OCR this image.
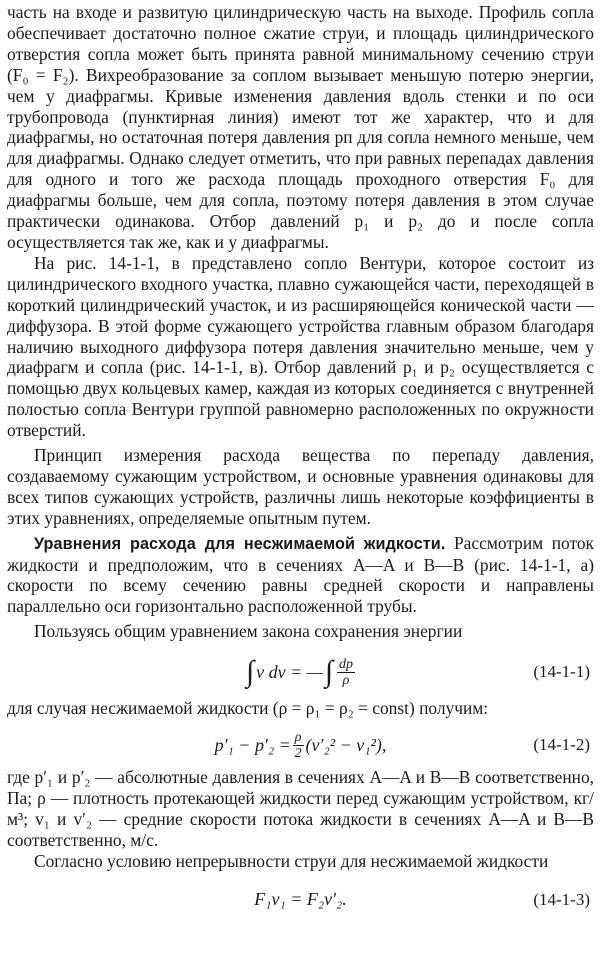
часть на входе и развитую цилиндрическую часть на выходе. Профиль сопла обеспечивает достаточно полное сжатие струи, и площадь цилиндрического отверстия сопла может быть принята равной минимальному сечению струи (F₀ = F₂). Вихреобразование за соплом вызывает меньшую потерю энергии, чем у диафрагмы. Кривые изменения давления вдоль стенки и по оси трубопровода (пунктирная линия) имеют тот же характер, что и для диафрагмы, но остаточная потеря давления pп для сопла немного меньше, чем для диафрагмы. Однако следует отметить, что при равных перепадах давления для одного и того же расхода площадь проходного отверстия F₀ для диафрагмы больше, чем для сопла, поэтому потеря давления в этом случае практически одинакова. Отбор давлений p₁ и p₂ до и после сопла осуществляется так же, как и у диафрагмы.

На рис. 14-1-1, в представлено сопло Вентури, которое состоит из цилиндрического входного участка, плавно сужающейся части, переходящей в короткий цилиндрический участок, и из расширяющейся конической части — диффузора. В этой форме сужающего устройства главным образом благодаря наличию выходного диффузора потеря давления значительно меньше, чем у диафрагм и сопла (рис. 14-1-1, в). Отбор давлений p₁ и p₂ осуществляется с помощью двух кольцевых камер, каждая из которых соединяется с внутренней полостью сопла Вентури группой равномерно расположенных по окружности отверстий.

Принцип измерения расхода вещества по перепаду давления, создаваемому сужающим устройством, и основные уравнения одинаковы для всех типов сужающих устройств, различны лишь некоторые коэффициенты в этих уравнениях, определяемые опытным путем.

Уравнения расхода для несжимаемой жидкости. Рассмотрим поток жидкости и предположим, что в сечениях A—A и B—B (рис. 14-1-1, а) скорости по всему сечению равны средней скорости и направлены параллельно оси горизонтально расположенной трубы.

Пользуясь общим уравнением закона сохранения энергии

∫ v dv = — ∫ $\frac{dp}{\rho}$	(14-1-1)

для случая несжимаемой жидкости (ρ = ρ₁ = ρ₂ = const) получим:

$p'_1 - p'_2 = \frac{\rho}{2} (v'_2^2 - v_1^2)$,	(14-1-2)

где p′₁ и p′₂ — абсолютные давления в сечениях A—A и B—B соответственно, Па; ρ — плотность протекающей жидкости перед сужающим устройством, кг/м³; v₁ и v′₂ — средние скорости потока жидкости в сечениях A—A и B—B соответственно, м/с.

Согласно условию непрерывности струи для несжимаемой жидкости

F₁v₁ = F₂v′₂.	(14-1-3)
